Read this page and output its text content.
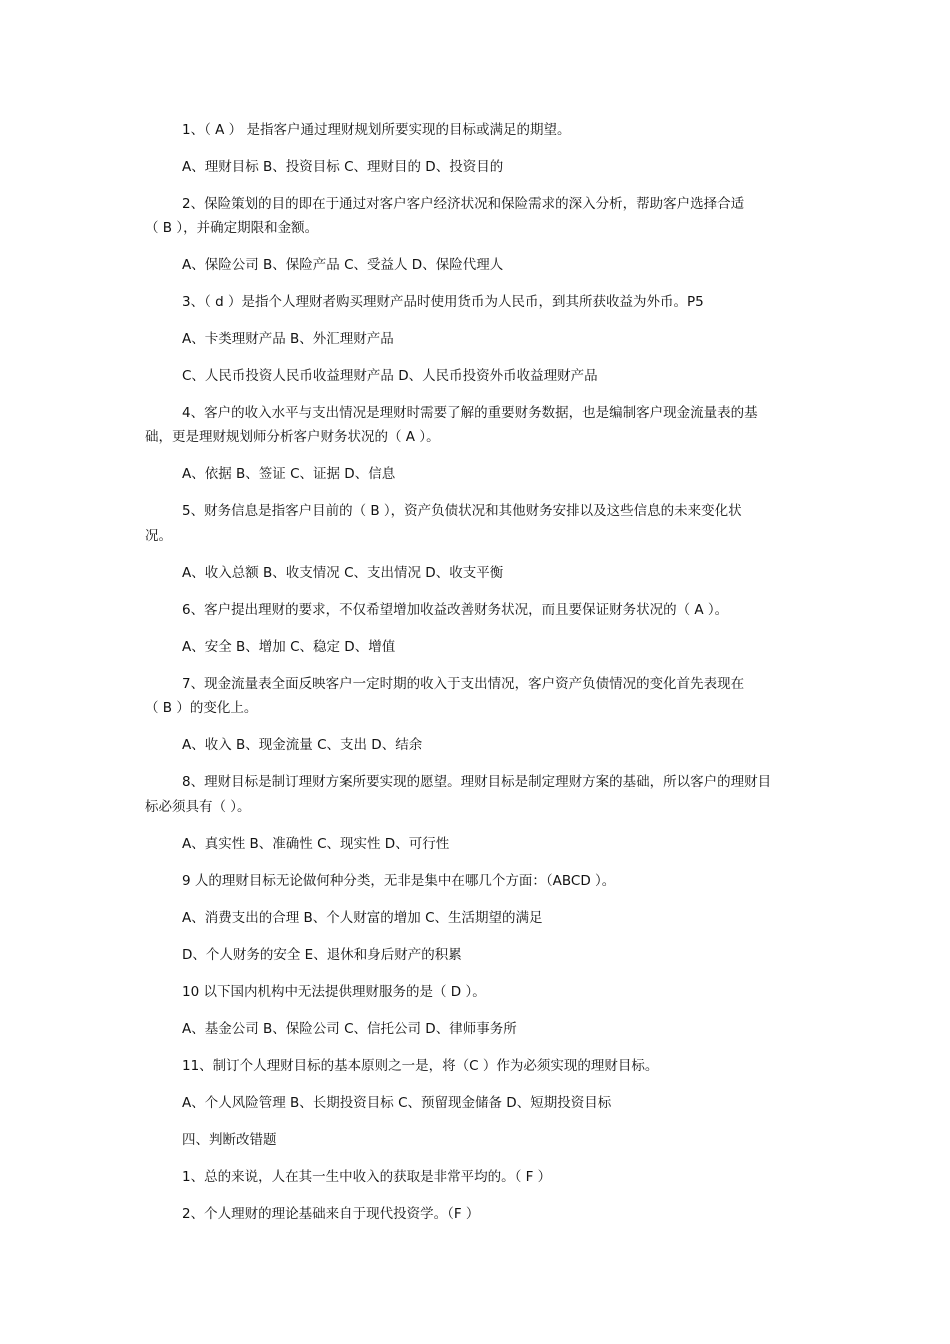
1、（ A ） 是指客户通过理财规划所要实现的目标或满足的期望。
A、理财目标 B、投资目标 C、理财目的 D、投资目的
2、保险策划的目的即在于通过对客户客户经济状况和保险需求的深入分析，帮助客户选择合适
（ B ），并确定期限和金额。
A、保险公司 B、保险产品 C、受益人 D、保险代理人
3、（ d ）是指个人理财者购买理财产品时使用货币为人民币，到其所获收益为外币。P5
A、卡类理财产品 B、外汇理财产品
C、人民币投资人民币收益理财产品 D、人民币投资外币收益理财产品
4、客户的收入水平与支出情况是理财时需要了解的重要财务数据，也是编制客户现金流量表的基
础，更是理财规划师分析客户财务状况的（ A ）。
A、依据 B、签证 C、证据 D、信息
5、财务信息是指客户目前的（ B ），资产负债状况和其他财务安排以及这些信息的未来变化状
况。
A、收入总额 B、收支情况 C、支出情况 D、收支平衡
6、客户提出理财的要求，不仅希望增加收益改善财务状况，而且要保证财务状况的（ A ）。
A、安全 B、增加 C、稳定 D、增值
7、现金流量表全面反映客户一定时期的收入于支出情况，客户资产负债情况的变化首先表现在
（ B ）的变化上。
A、收入 B、现金流量 C、支出 D、结余
8、理财目标是制订理财方案所要实现的愿望。理财目标是制定理财方案的基础，所以客户的理财目
标必须具有（ ）。
A、真实性 B、准确性 C、现实性 D、可行性
9 人的理财目标无论做何种分类，无非是集中在哪几个方面：（ABCD ）。
A、消费支出的合理 B、个人财富的增加 C、生活期望的满足
D、个人财务的安全 E、退休和身后财产的积累
10 以下国内机构中无法提供理财服务的是（ D ）。
A、基金公司 B、保险公司 C、信托公司 D、律师事务所
11、制订个人理财目标的基本原则之一是，将（C ）作为必须实现的理财目标。
A、个人风险管理 B、长期投资目标 C、预留现金储备 D、短期投资目标
四、判断改错题
1、总的来说，人在其一生中收入的获取是非常平均的。（ F ）
2、个人理财的理论基础来自于现代投资学。（F ）
